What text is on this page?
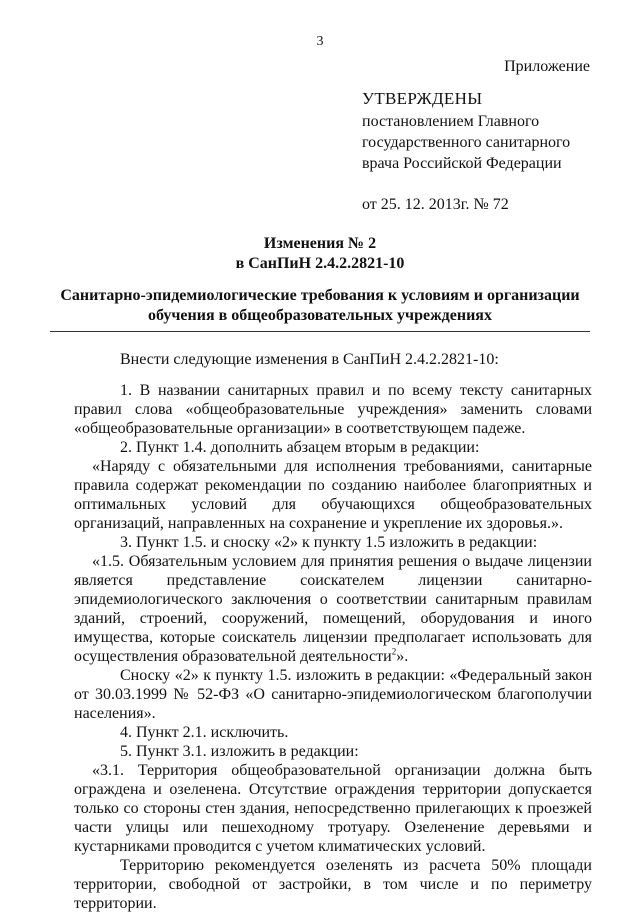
3
Приложение
УТВЕРЖДЕНЫ
постановлением Главного
государственного санитарного
врача Российской Федерации
от 25. 12. 2013г. № 72
Изменения № 2
в СанПиН 2.4.2.2821-10
Санитарно-эпидемиологические требования к условиям и организации
обучения в общеобразовательных учреждениях

Внести следующие изменения в СанПиН 2.4.2.2821-10:

1. В названии санитарных правил и по всему тексту санитарных правил слова «общеобразовательные учреждения» заменить словами «общеобразовательные организации» в соответствующем падеже.

2. Пункт 1.4. дополнить абзацем вторым в редакции:

«Наряду с обязательными для исполнения требованиями, санитарные правила содержат рекомендации по созданию наиболее благоприятных и оптимальных условий для обучающихся общеобразовательных организаций, направленных на сохранение и укрепление их здоровья.».

3. Пункт 1.5. и сноску «2» к пункту 1.5 изложить в редакции:

«1.5. Обязательным условием для принятия решения о выдаче лицензии является представление соискателем лицензии санитарно-эпидемиологического заключения о соответствии санитарным правилам зданий, строений, сооружений, помещений, оборудования и иного имущества, которые соискатель лицензии предполагает использовать для осуществления образовательной деятельности$^2$».

Сноску «2» к пункту 1.5. изложить в редакции: «Федеральный закон от 30.03.1999 № 52-ФЗ «О санитарно-эпидемиологическом благополучии населения».

4. Пункт 2.1. исключить.

5. Пункт 3.1. изложить в редакции:

«3.1. Территория общеобразовательной организации должна быть ограждена и озеленена. Отсутствие ограждения территории допускается только со стороны стен здания, непосредственно прилегающих к проезжей части улицы или пешеходному тротуару. Озеленение деревьями и кустарниками проводится с учетом климатических условий.

Территорию рекомендуется озеленять из расчета 50% площади территории, свободной от застройки, в том числе и по периметру территории.
